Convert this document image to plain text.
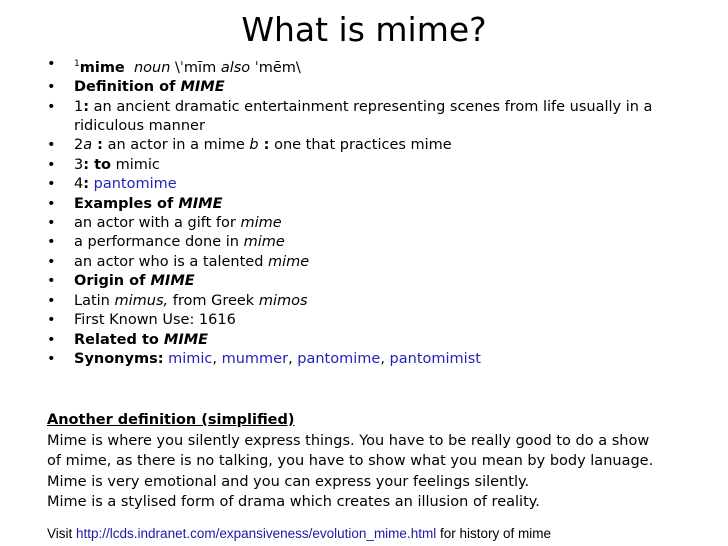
What is mime?
• $^1$mime noun \ˈmīm also ˈmēm\
• Definition of MIME
• 1: an ancient dramatic entertainment representing scenes from life usually in a ridiculous manner
• 2a : an actor in a mime b : one that practices mime
• 3: to mimic
• 4: pantomime
• Examples of MIME
• an actor with a gift for mime
• a performance done in mime
• an actor who is a talented mime
• Origin of MIME
• Latin mimus, from Greek mimos
• First Known Use: 1616
• Related to MIME
• Synonyms: mimic, mummer, pantomime, pantomimist
Another definition (simplified)
Mime is where you silently express things. You have to be really good to do a show
of mime, as there is no talking, you have to show what you mean by body lanuage.
Mime is very emotional and you can express your feelings silently.
Mime is a stylised form of drama which creates an illusion of reality.
Visit http://lcds.indranet.com/expansiveness/evolution_mime.html for history of mime
